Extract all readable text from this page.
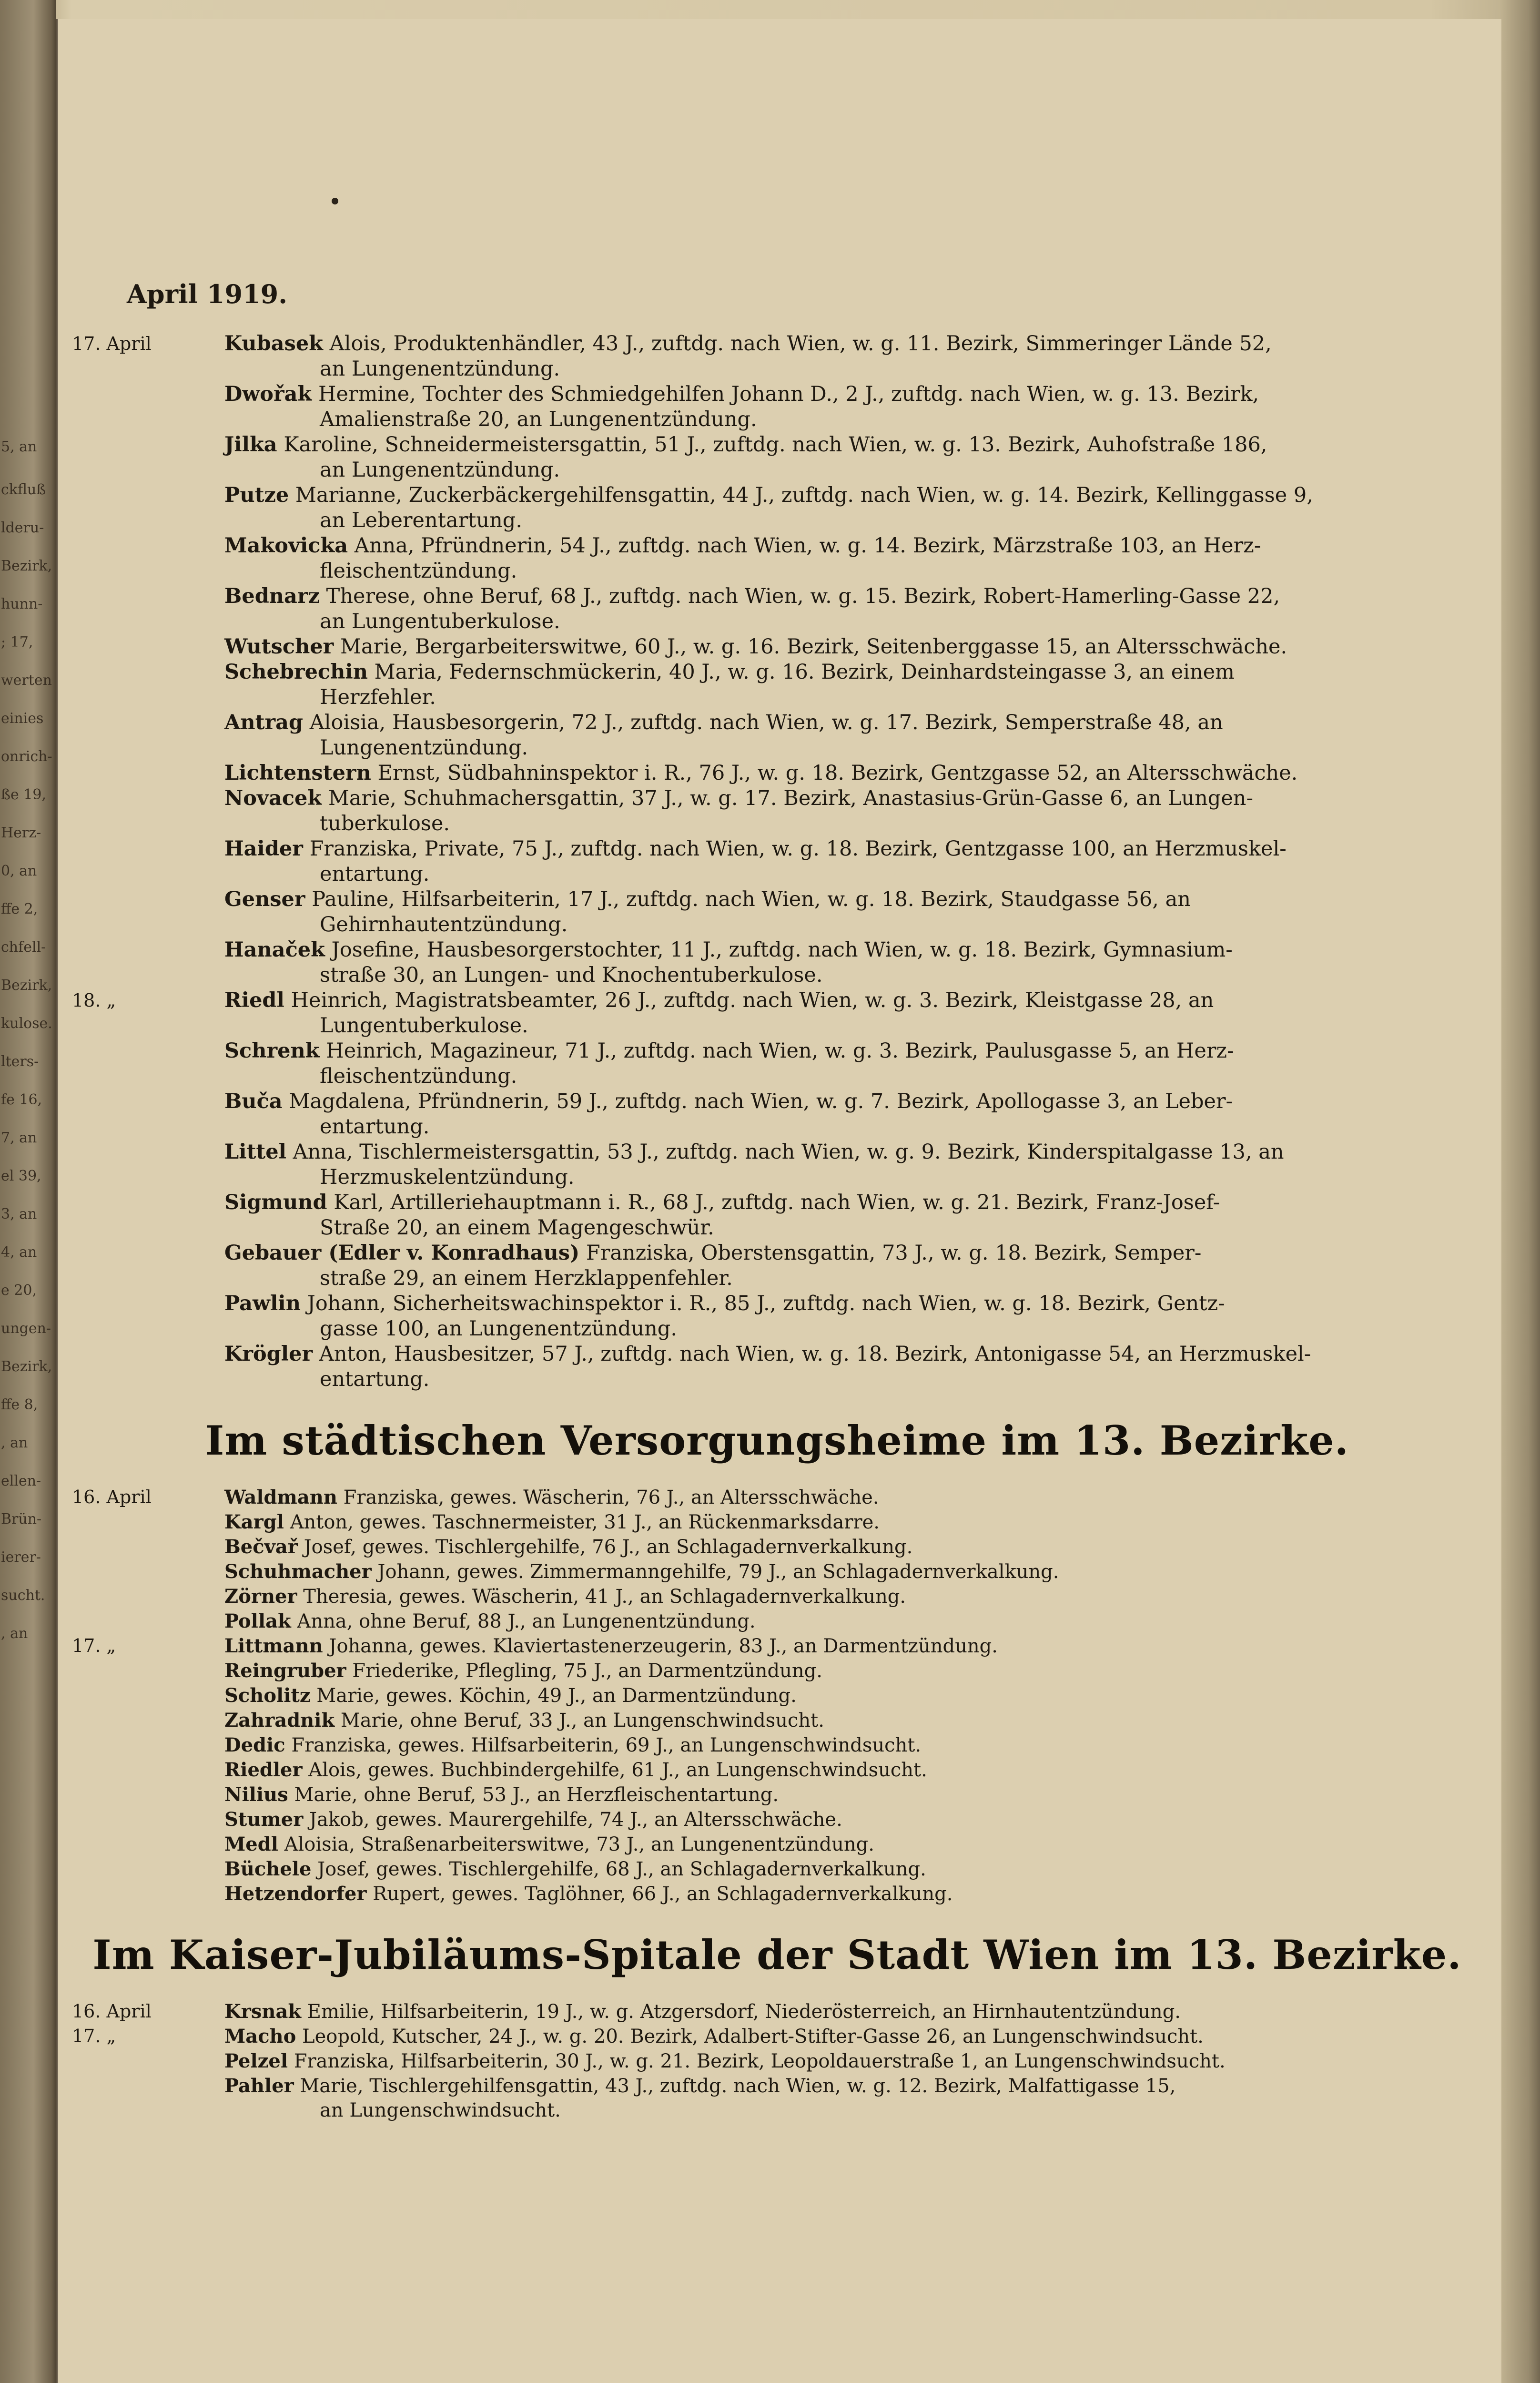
5, an
ckfluß
lderu-
Bezirk,
hunn-
; 17,
werten
einies
onrich-
ße 19,
Herz-
0, an
ffe 2,
chfell-
Bezirk,
kulose.
lters-
fe 16,
7, an
el 39,
3, an
4, an
e 20,
ungen-
Bezirk,
ffe 8,
, an
ellen-
Brün-
ierer-
sucht.
, an
April 1919.
17. April	Kubasek Alois, Produktenhändler, 43 J., zuftdg. nach Wien, w. g. 11. Bezirk, Simmeringer Lände 52,
an Lungenentzündung.
Dwořak Hermine, Tochter des Schmiedgehilfen Johann D., 2 J., zuftdg. nach Wien, w. g. 13. Bezirk,
Amalienstraße 20, an Lungenentzündung.
Jilka Karoline, Schneidermeistersgattin, 51 J., zuftdg. nach Wien, w. g. 13. Bezirk, Auhofstraße 186,
an Lungenentzündung.
Putze Marianne, Zuckerbäckergehilfensgattin, 44 J., zuftdg. nach Wien, w. g. 14. Bezirk, Kellinggasse 9,
an Leberentartung.
Makovicka Anna, Pfründnerin, 54 J., zuftdg. nach Wien, w. g. 14. Bezirk, Märzstraße 103, an Herz-
fleischentzündung.
Bednarz Therese, ohne Beruf, 68 J., zuftdg. nach Wien, w. g. 15. Bezirk, Robert-Hamerling-Gasse 22,
an Lungentuberkulose.
Wutscher Marie, Bergarbeiterswitwe, 60 J., w. g. 16. Bezirk, Seitenberggasse 15, an Altersschwäche.
Schebrechin Maria, Federnschmückerin, 40 J., w. g. 16. Bezirk, Deinhardsteingasse 3, an einem
Herzfehler.
Antrag Aloisia, Hausbesorgerin, 72 J., zuftdg. nach Wien, w. g. 17. Bezirk, Semperstraße 48, an
Lungenentzündung.
Lichtenstern Ernst, Südbahninspektor i. R., 76 J., w. g. 18. Bezirk, Gentzgasse 52, an Altersschwäche.
Novacek Marie, Schuhmachersgattin, 37 J., w. g. 17. Bezirk, Anastasius-Grün-Gasse 6, an Lungen-
tuberkulose.
Haider Franziska, Private, 75 J., zuftdg. nach Wien, w. g. 18. Bezirk, Gentzgasse 100, an Herzmuskel-
entartung.
Genser Pauline, Hilfsarbeiterin, 17 J., zuftdg. nach Wien, w. g. 18. Bezirk, Staudgasse 56, an
Gehirnhautentzündung.
Hanaček Josefine, Hausbesorgerstochter, 11 J., zuftdg. nach Wien, w. g. 18. Bezirk, Gymnasium-
straße 30, an Lungen- und Knochentuberkulose.
18. „	Riedl Heinrich, Magistratsbeamter, 26 J., zuftdg. nach Wien, w. g. 3. Bezirk, Kleistgasse 28, an
Lungentuberkulose.
Schrenk Heinrich, Magazineur, 71 J., zuftdg. nach Wien, w. g. 3. Bezirk, Paulusgasse 5, an Herz-
fleischentzündung.
Buča Magdalena, Pfründnerin, 59 J., zuftdg. nach Wien, w. g. 7. Bezirk, Apollogasse 3, an Leber-
entartung.
Littel Anna, Tischlermeistersgattin, 53 J., zuftdg. nach Wien, w. g. 9. Bezirk, Kinderspitalgasse 13, an
Herzmuskelentzündung.
Sigmund Karl, Artilleriehauptmann i. R., 68 J., zuftdg. nach Wien, w. g. 21. Bezirk, Franz-Josef-
Straße 20, an einem Magengeschwür.
Gebauer (Edler v. Konradhaus) Franziska, Oberstensgattin, 73 J., w. g. 18. Bezirk, Semper-
straße 29, an einem Herzklappenfehler.
Pawlin Johann, Sicherheitswachinspektor i. R., 85 J., zuftdg. nach Wien, w. g. 18. Bezirk, Gentz-
gasse 100, an Lungenentzündung.
Krögler Anton, Hausbesitzer, 57 J., zuftdg. nach Wien, w. g. 18. Bezirk, Antonigasse 54, an Herzmuskel-
entartung.
Im städtischen Versorgungsheime im 13. Bezirke.
16. April	Waldmann Franziska, gewes. Wäscherin, 76 J., an Altersschwäche.
Kargl Anton, gewes. Taschnermeister, 31 J., an Rückenmarksdarre.
Bečvař Josef, gewes. Tischlergehilfe, 76 J., an Schlagadernverkalkung.
Schuhmacher Johann, gewes. Zimmermanngehilfe, 79 J., an Schlagadernverkalkung.
Zörner Theresia, gewes. Wäscherin, 41 J., an Schlagadernverkalkung.
Pollak Anna, ohne Beruf, 88 J., an Lungenentzündung.
17. „	Littmann Johanna, gewes. Klaviertastenerzeugerin, 83 J., an Darmentzündung.
Reingruber Friederike, Pflegling, 75 J., an Darmentzündung.
Scholitz Marie, gewes. Köchin, 49 J., an Darmentzündung.
Zahradnik Marie, ohne Beruf, 33 J., an Lungenschwindsucht.
Dedic Franziska, gewes. Hilfsarbeiterin, 69 J., an Lungenschwindsucht.
Riedler Alois, gewes. Buchbindergehilfe, 61 J., an Lungenschwindsucht.
Nilius Marie, ohne Beruf, 53 J., an Herzfleischentartung.
Stumer Jakob, gewes. Maurergehilfe, 74 J., an Altersschwäche.
Medl Aloisia, Straßenarbeiterswitwe, 73 J., an Lungenentzündung.
Büchele Josef, gewes. Tischlergehilfe, 68 J., an Schlagadernverkalkung.
Hetzendorfer Rupert, gewes. Taglöhner, 66 J., an Schlagadernverkalkung.
Im Kaiser-Jubiläums-Spitale der Stadt Wien im 13. Bezirke.
16. April	Krsnak Emilie, Hilfsarbeiterin, 19 J., w. g. Atzgersdorf, Niederösterreich, an Hirnhautentzündung.
17. „	Macho Leopold, Kutscher, 24 J., w. g. 20. Bezirk, Adalbert-Stifter-Gasse 26, an Lungenschwindsucht.
Pelzel Franziska, Hilfsarbeiterin, 30 J., w. g. 21. Bezirk, Leopoldauerstraße 1, an Lungenschwindsucht.
Pahler Marie, Tischlergehilfensgattin, 43 J., zuftdg. nach Wien, w. g. 12. Bezirk, Malfattigasse 15,
an Lungenschwindsucht.
